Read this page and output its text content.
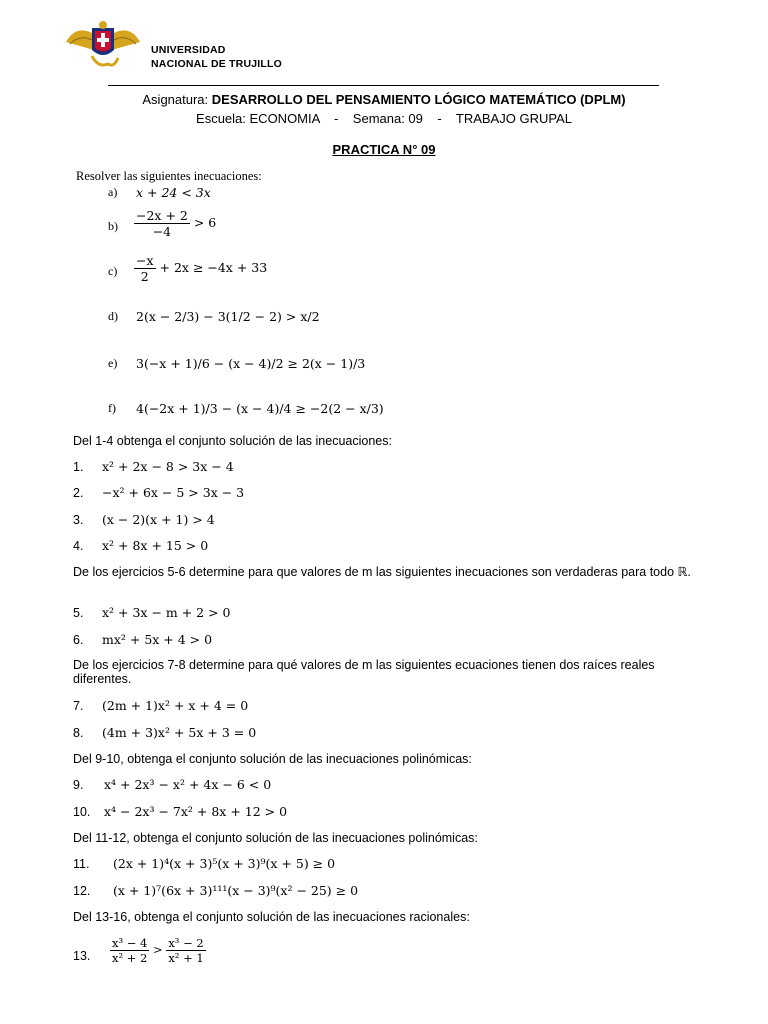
UNIVERSIDAD
NACIONAL DE TRUJILLO
Asignatura: DESARROLLO DEL PENSAMIENTO LÓGICO MATEMÁTICO (DPLM)
Escuela: ECONOMIA    -    Semana: 09    -    TRABAJO GRUPAL
PRACTICA N° 09
Resolver las siguientes inecuaciones:
a) x + 24 < 3x
$b) \frac{-2x + 2}{-4} > 6$
$c) \frac{-x}{2} + 2x \ge -4x + 33$
d) 2(x − 2/3) − 3(1/2 − 2) > x/2
e) 3(−x + 1)/6 − (x − 4)/2 ≥ 2(x − 1)/3
f) 4(−2x + 1)/3 − (x − 4)/4 ≥ −2(2 − x/3)
Del 1-4 obtenga el conjunto solución de las inecuaciones:
1. x² + 2x − 8 > 3x − 4
2. −x² + 6x − 5 > 3x − 3
3. (x − 2)(x + 1) > 4
4. x² + 8x + 15 > 0
De los ejercicios 5-6 determine para que valores de m las siguientes inecuaciones son verdaderas para todo ℝ.
5. x² + 3x − m + 2 > 0
6. mx² + 5x + 4 > 0
De los ejercicios 7-8 determine para qué valores de m las siguientes ecuaciones tienen dos raíces reales diferentes.
7. (2m + 1)x² + x + 4 = 0
8. (4m + 3)x² + 5x + 3 = 0
Del 9-10, obtenga el conjunto solución de las inecuaciones polinómicas:
9. x⁴ + 2x³ − x² + 4x − 6 < 0
10. x⁴ − 2x³ − 7x² + 8x + 12 > 0
Del 11-12, obtenga el conjunto solución de las inecuaciones polinómicas:
11. (2x + 1)⁴(x + 3)⁵(x + 3)⁹(x + 5) ≥ 0
12. (x + 1)⁷(6x + 3)¹¹¹(x − 3)⁹(x² − 25) ≥ 0
Del 13-16, obtenga el conjunto solución de las inecuaciones racionales:
13. $\frac{\text{x³ − 4}}{\text{x² + 2}} > \frac{\text{x³ − 2}}{\text{x² + 1}}$
